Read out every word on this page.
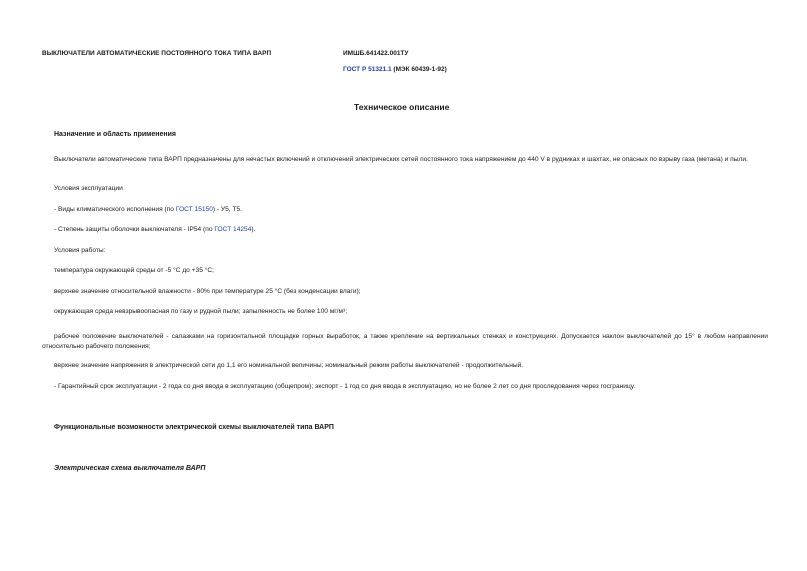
ВЫКЛЮЧАТЕЛИ АВТОМАТИЧЕСКИЕ ПОСТОЯННОГО ТОКА ТИПА ВАРП	ИМШБ.641422.001ТУ
ГОСТ Р 51321.1 (МЭК 60439-1-92)
Техническое описание
Назначение и область применения
Выключатели автоматические типа ВАРП предназначены для нечастых включений и отключений электрических сетей постоянного тока напряжением до 440 V в рудниках и шахтах, не опасных по взрыву газа (метана) и пыли.
Условия эксплуатации
- Виды климатического исполнения (по ГОСТ 15150) - У5, Т5.
- Степень защиты оболочки выключателя - IP54 (по ГОСТ 14254).
Условия работы:
температура окружающей среды от -5 °С до +35 °С;
верхнее значение относительной влажности - 80% при температуре 25 °С (без конденсации влаги);
окружающая среда невзрывоопасная по газу и рудной пыли; запыленность не более 100 мг/м³;
рабочее положение выключателей - салазками на горизонтальной площадке горных выработок, а также крепление на вертикальных стенках и конструкциях. Допускается наклон выключателей до 15° в любом направлении относительно рабочего положения;
верхнее значение напряжения в электрической сети до 1,1 его номинальной величины; номинальный режим работы выключателей - продолжительный.
- Гарантийный срок эксплуатации - 2 года со дня ввода в эксплуатацию (общепром); экспорт - 1 год со дня ввода в эксплуатацию, но не более 2 лет со дня проследования через госграницу.
Функциональные возможности электрической схемы выключателей типа ВАРП
Электрическая схема выключателя ВАРП
